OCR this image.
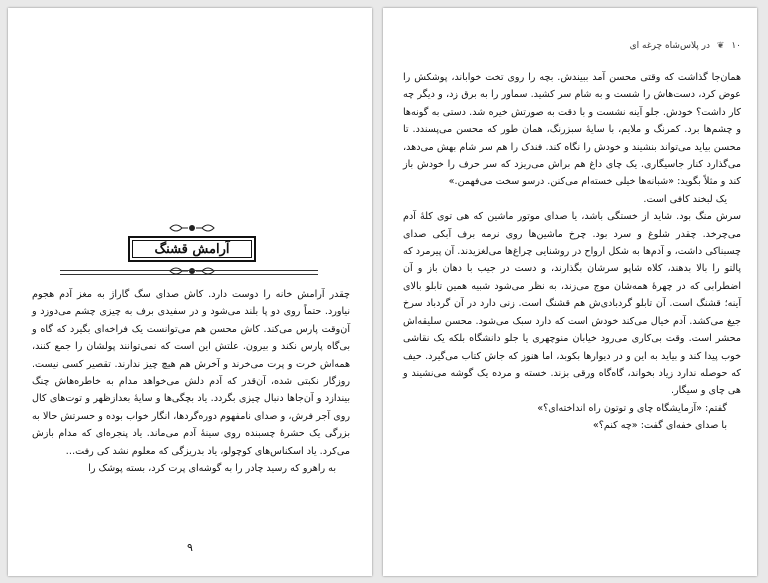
آرامش قشنگ

چقدر آرامش خانه را دوست دارد. کاش صدای سگ گاراژ به مغز آدم هجوم نیاورد. حتماً روی دو پا بلند می‌شود و در سفیدی برف به چیزی چشم می‌دوزد و آن‌وقت پارس می‌کند. کاش محسن هم می‌توانست یک فراخه‌ای بگیرد که گاه و بی‌گاه پارس نکند و بیرون. علتش این است که نمی‌توانند پولشان را جمع کنند، همه‌اش خرت و پرت می‌خرند و آخرش هم هیچ چیز ندارند. تقصیر کسی نیست. روزگار نکبتی شده، آن‌قدر که آدم دلش می‌خواهد مدام به خاطره‌هاش چنگ بیندازد و آن‌جاها دنبال چیزی بگردد. یاد بچگی‌ها و سایهٔ بعدازظهر و توت‌های کال روی آجر فرش، و صدای نامفهوم دوره‌گردها، انگار خواب بوده و حسرتش حالا به بزرگی یک حشرهٔ چسبنده روی سینهٔ آدم می‌ماند. یاد پنجره‌ای که مدام بازش می‌کرد. یاد اسکناس‌های کوچولو، یاد بدریزگی که معلوم نشد کی رفت…

به راهرو که رسید چادر را به گوشه‌ای پرت کرد، بسته پوشک را

۹
۱۰ ❦ در پلاس‌شاه چرغه ای

همان‌جا گذاشت که وقتی محسن آمد ببیندش. بچه را روی تخت خواباند، پوشکش را عوض کرد، دست‌هاش را شست و به شام سر کشید. سماور را به برق زد، و دیگر چه کار داشت؟ خودش. جلو آینه نشست و با دقت به صورتش خیره شد. دستی به گونه‌ها و چشم‌ها برد. کمرنگ و ملایم، با سایهٔ سبزرنگ، همان طور که محسن می‌پسندد. تا محسن بیاید می‌تواند بنشیند و خودش را نگاه کند. فندک را هم سر شام بهش می‌دهد، می‌گذارد کنار جاسیگاری. یک چای داغ هم براش می‌ریزد که سر حرف را خودش باز کند و مثلاً بگوید: «شبانه‌ها خیلی خسته‌ام می‌کنن. درسو سخت می‌فهمن.»

یک لبخند کافی است.

سرش منگ بود. شاید از خستگی باشد، یا صدای موتور ماشین که هی توی کلهٔ آدم می‌چرخد. چقدر شلوغ و سرد بود. چرخ ماشین‌ها روی نرمه برف آبکی صدای چسبناکی داشت، و آدم‌ها به شکل ارواح در روشنایی چراغ‌ها می‌لغزیدند. آن پیرمرد که پالتو را بالا بدهند، کلاه شاپو سرشان بگذارند، و دست در جیب با دهان باز و آن اضطرابی که در چهرهٔ همه‌شان موج می‌زند، به نظر می‌شود شبیه همین تابلو بالای آینه؛ قشنگ است. آن تابلو گردبادی‌ش هم قشنگ است. زنی دارد در آن گردباد سرخ جیغ می‌کشد. آدم خیال می‌کند خودش است که دارد سبک می‌شود. محسن سلیقه‌اش محشر است. وقت بی‌کاری می‌رود خیابان منوچهری یا جلو دانشگاه بلکه یک نقاشی خوب پیدا کند و بیاید به این و در دیوارها بکوبد، اما هنوز که جاش کتاب می‌گیرد. حیف که حوصله ندارد زیاد بخواند، گاه‌گاه ورقی بزند. خسته و مرده یک گوشه می‌نشیند و هی چای و سیگار.

گفتم: «آزمایشگاه چای و توتون راه انداخته‌ای؟»

با صدای خفه‌ای گفت: «چه کنم؟»
